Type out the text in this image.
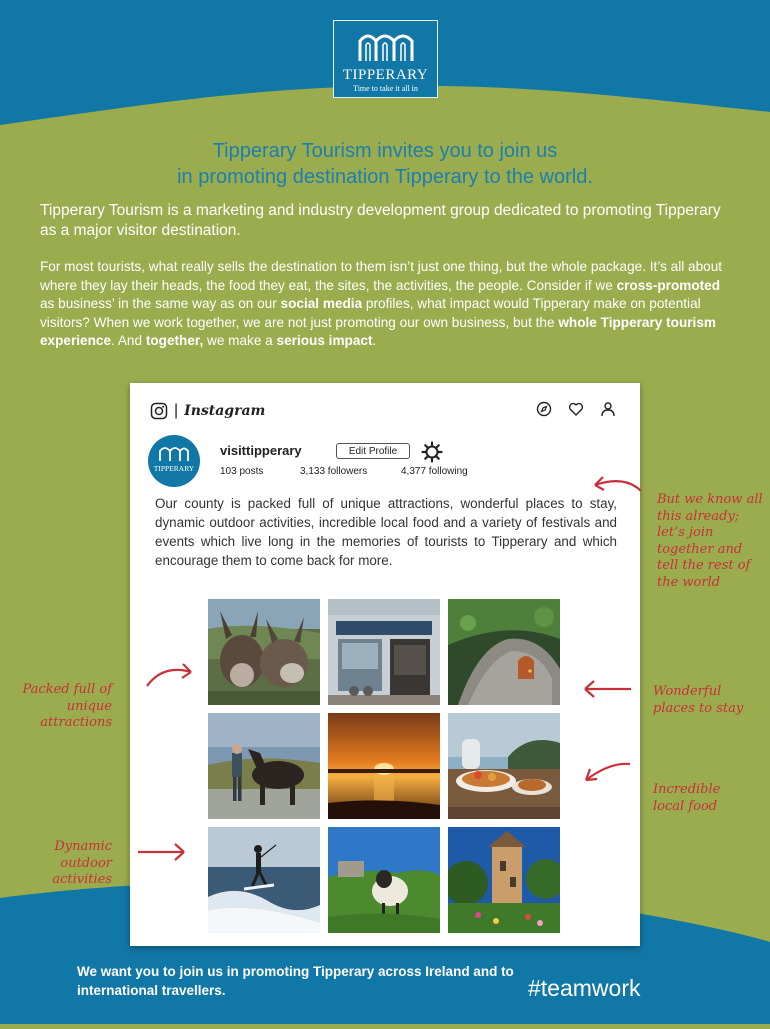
TIPPERARY
Time to take it all in
Tipperary Tourism invites you to join us
in promoting destination Tipperary to the world.
Tipperary Tourism is a marketing and industry development group dedicated to promoting Tipperary as a major visitor destination.
For most tourists, what really sells the destination to them isn’t just one thing, but the whole package. It’s all about where they lay their heads, the food they eat, the sites, the activities, the people. Consider if we cross-promoted as business’ in the same way as on our social media profiles, what impact would Tipperary make on potential visitors? When we work together, we are not just promoting our own business, but the whole Tipperary tourism experience. And together, we make a serious impact.
| Instagram
TIPPERARY
visittipperary	Edit Profile
103 posts	3,133 followers	4,377 following
Our county is packed full of unique attractions, wonderful places to stay, dynamic outdoor activities, incredible local food and a variety of festivals and events which live long in the memories of tourists to Tipperary and which encourage them to come back for more.
But we know all this already; let’s join together and tell the rest of the world
Packed full of unique attractions
Wonderful places to stay
Incredible local food
Dynamic outdoor activities
We want you to join us in promoting Tipperary across Ireland and to international travellers.	#teamwork
